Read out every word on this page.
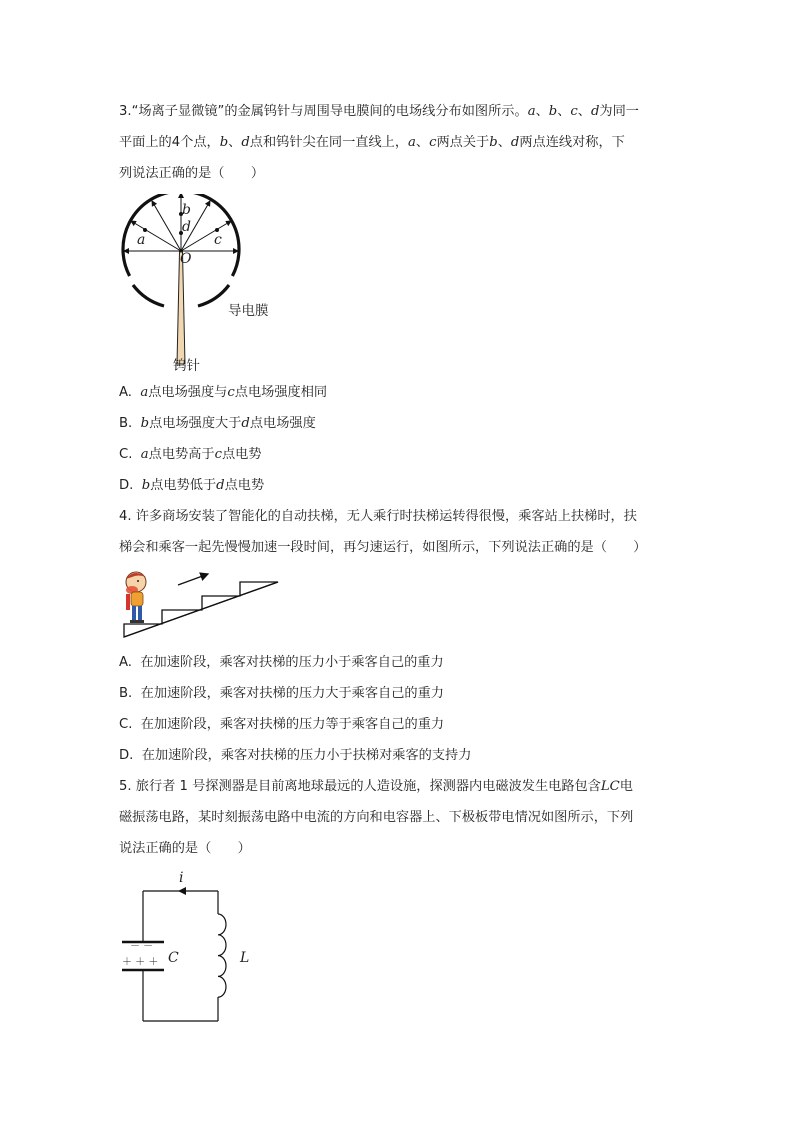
3.“场离子显微镜”的金属钨针与周围导电膜间的电场线分布如图所示。a、b、c、d为同一
平面上的4个点，b、d点和钨针尖在同一直线上，a、c两点关于b、d两点连线对称，下
列说法正确的是（　　）
a	c
b
d
O
导电膜
钨针
A. a点电场强度与c点电场强度相同
B. b点电场强度大于d点电场强度
C. a点电势高于c点电势
D. b点电势低于d点电势
4. 许多商场安装了智能化的自动扶梯，无人乘行时扶梯运转得很慢，乘客站上扶梯时，扶
梯会和乘客一起先慢慢加速一段时间，再匀速运行，如图所示，下列说法正确的是（　　）
A. 在加速阶段，乘客对扶梯的压力小于乘客自己的重力
B. 在加速阶段，乘客对扶梯的压力大于乘客自己的重力
C. 在加速阶段，乘客对扶梯的压力等于乘客自己的重力
D. 在加速阶段，乘客对扶梯的压力小于扶梯对乘客的支持力
5. 旅行者 1 号探测器是目前离地球最远的人造设施，探测器内电磁波发生电路包含LC电
磁振荡电路，某时刻振荡电路中电流的方向和电容器上、下极板带电情况如图所示，下列
说法正确的是（　　）
i
C	L
－ －
＋ ＋ ＋
